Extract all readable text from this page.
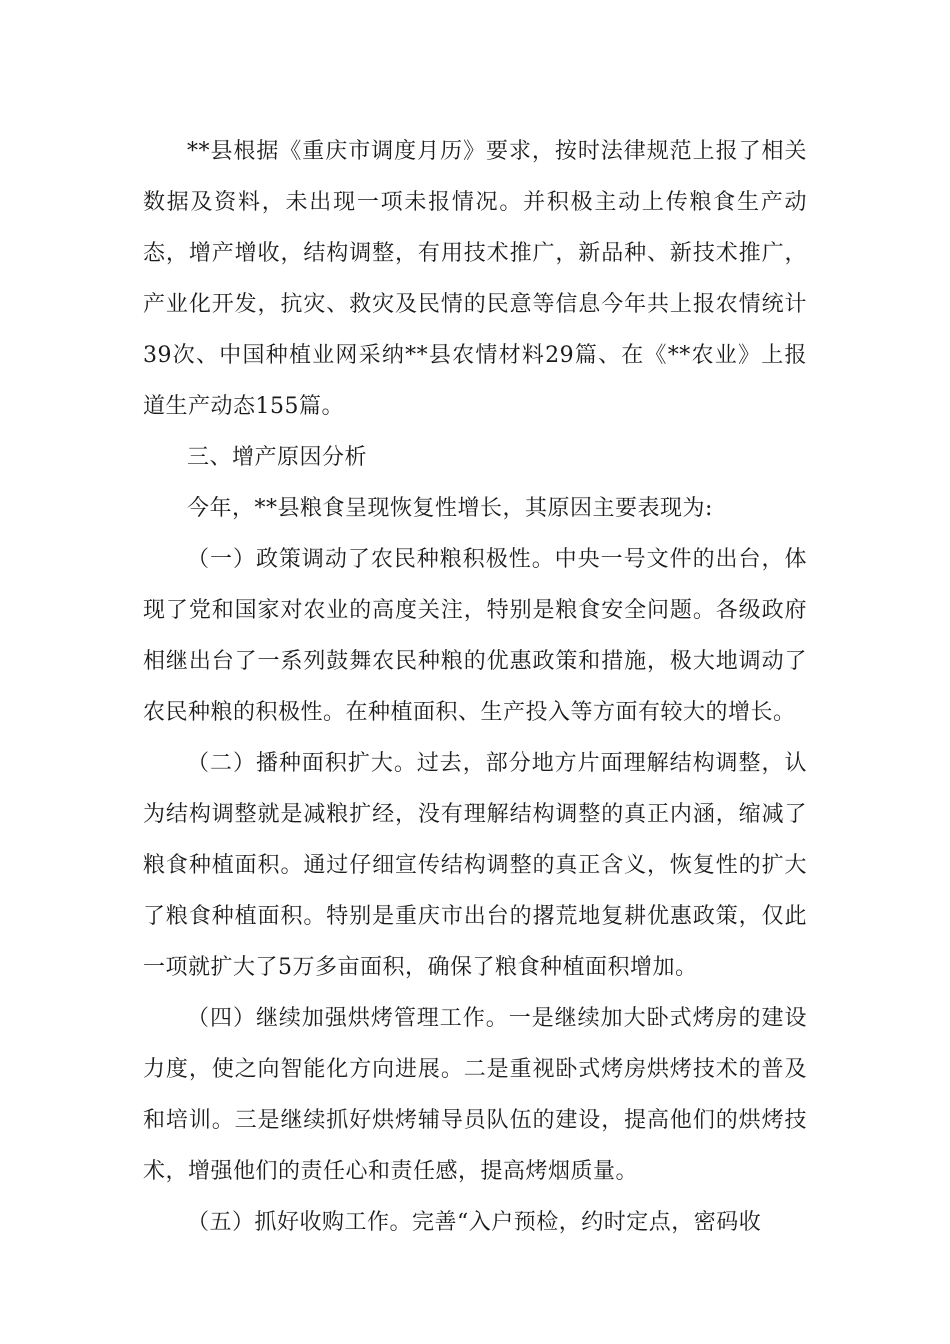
**县根据《重庆市调度月历》要求，按时法律规范上报了相关数据及资料，未出现一项未报情况。并积极主动上传粮食生产动态，增产增收，结构调整，有用技术推广，新品种、新技术推广，产业化开发，抗灾、救灾及民情的民意等信息今年共上报农情统计39次、中国种植业网采纳**县农情材料29篇、在《**农业》上报道生产动态155篇。

三、增产原因分析

今年，**县粮食呈现恢复性增长，其原因主要表现为:

（一）政策调动了农民种粮积极性。中央一号文件的出台，体现了党和国家对农业的高度关注，特别是粮食安全问题。各级政府相继出台了一系列鼓舞农民种粮的优惠政策和措施，极大地调动了农民种粮的积极性。在种植面积、生产投入等方面有较大的增长。

（二）播种面积扩大。过去，部分地方片面理解结构调整，认为结构调整就是减粮扩经，没有理解结构调整的真正内涵，缩减了粮食种植面积。通过仔细宣传结构调整的真正含义，恢复性的扩大了粮食种植面积。特别是重庆市出台的撂荒地复耕优惠政策，仅此一项就扩大了5万多亩面积，确保了粮食种植面积增加。

（四）继续加强烘烤管理工作。一是继续加大卧式烤房的建设力度，使之向智能化方向进展。二是重视卧式烤房烘烤技术的普及和培训。三是继续抓好烘烤辅导员队伍的建设，提高他们的烘烤技术，增强他们的责任心和责任感，提高烤烟质量。

（五）抓好收购工作。完善“入户预检，约时定点，密码收
